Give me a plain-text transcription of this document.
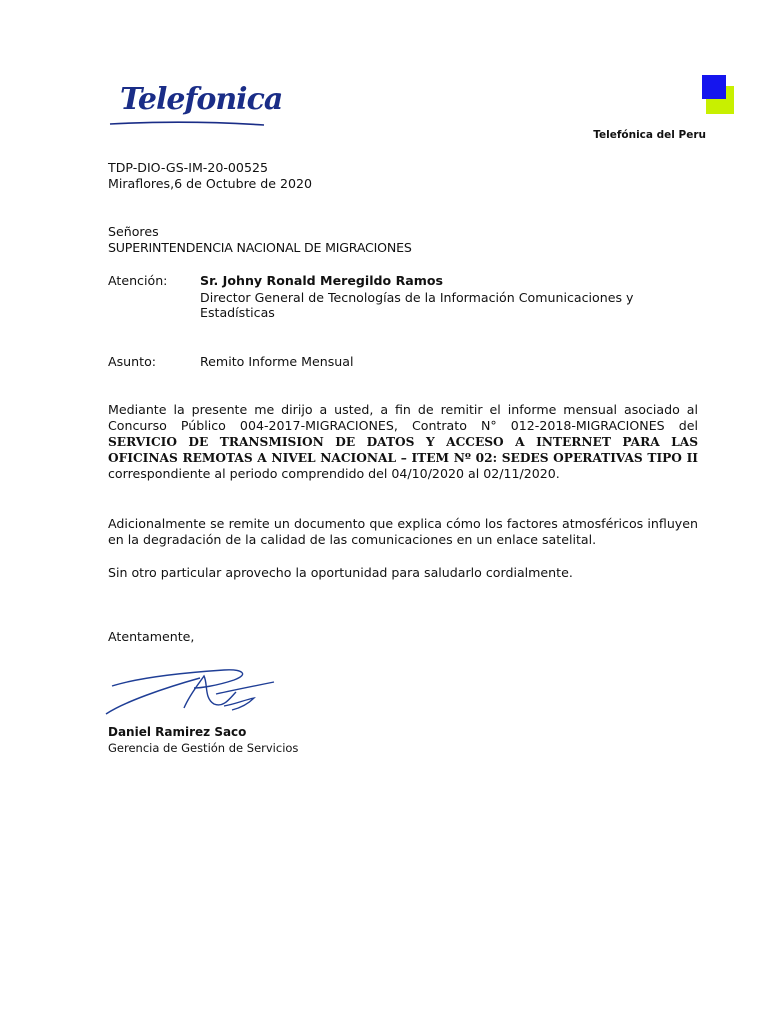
Telefonica
Telefónica del Peru
TDP-DIO-GS-IM-20-00525
Miraflores,6 de Octubre de 2020
Señores
SUPERINTENDENCIA NACIONAL DE MIGRACIONES
Atención:	Sr. Johny Ronald Meregildo Ramos
Director General de Tecnologías de la Información Comunicaciones y
Estadísticas
Asunto:	Remito Informe Mensual
Mediante la presente me dirijo a usted, a fin de remitir el informe mensual asociado al Concurso Público 004-2017-MIGRACIONES, Contrato N° 012-2018-MIGRACIONES del SERVICIO DE TRANSMISION DE DATOS Y ACCESO A INTERNET PARA LAS OFICINAS REMOTAS A NIVEL NACIONAL – ITEM Nº 02: SEDES OPERATIVAS TIPO II correspondiente al periodo comprendido del 04/10/2020 al 02/11/2020.
Adicionalmente se remite un documento que explica cómo los factores atmosféricos influyen en la degradación de la calidad de las comunicaciones en un enlace satelital.
Sin otro particular aprovecho la oportunidad para saludarlo cordialmente.
Atentamente,
Daniel Ramirez Saco
Gerencia de Gestión de Servicios
